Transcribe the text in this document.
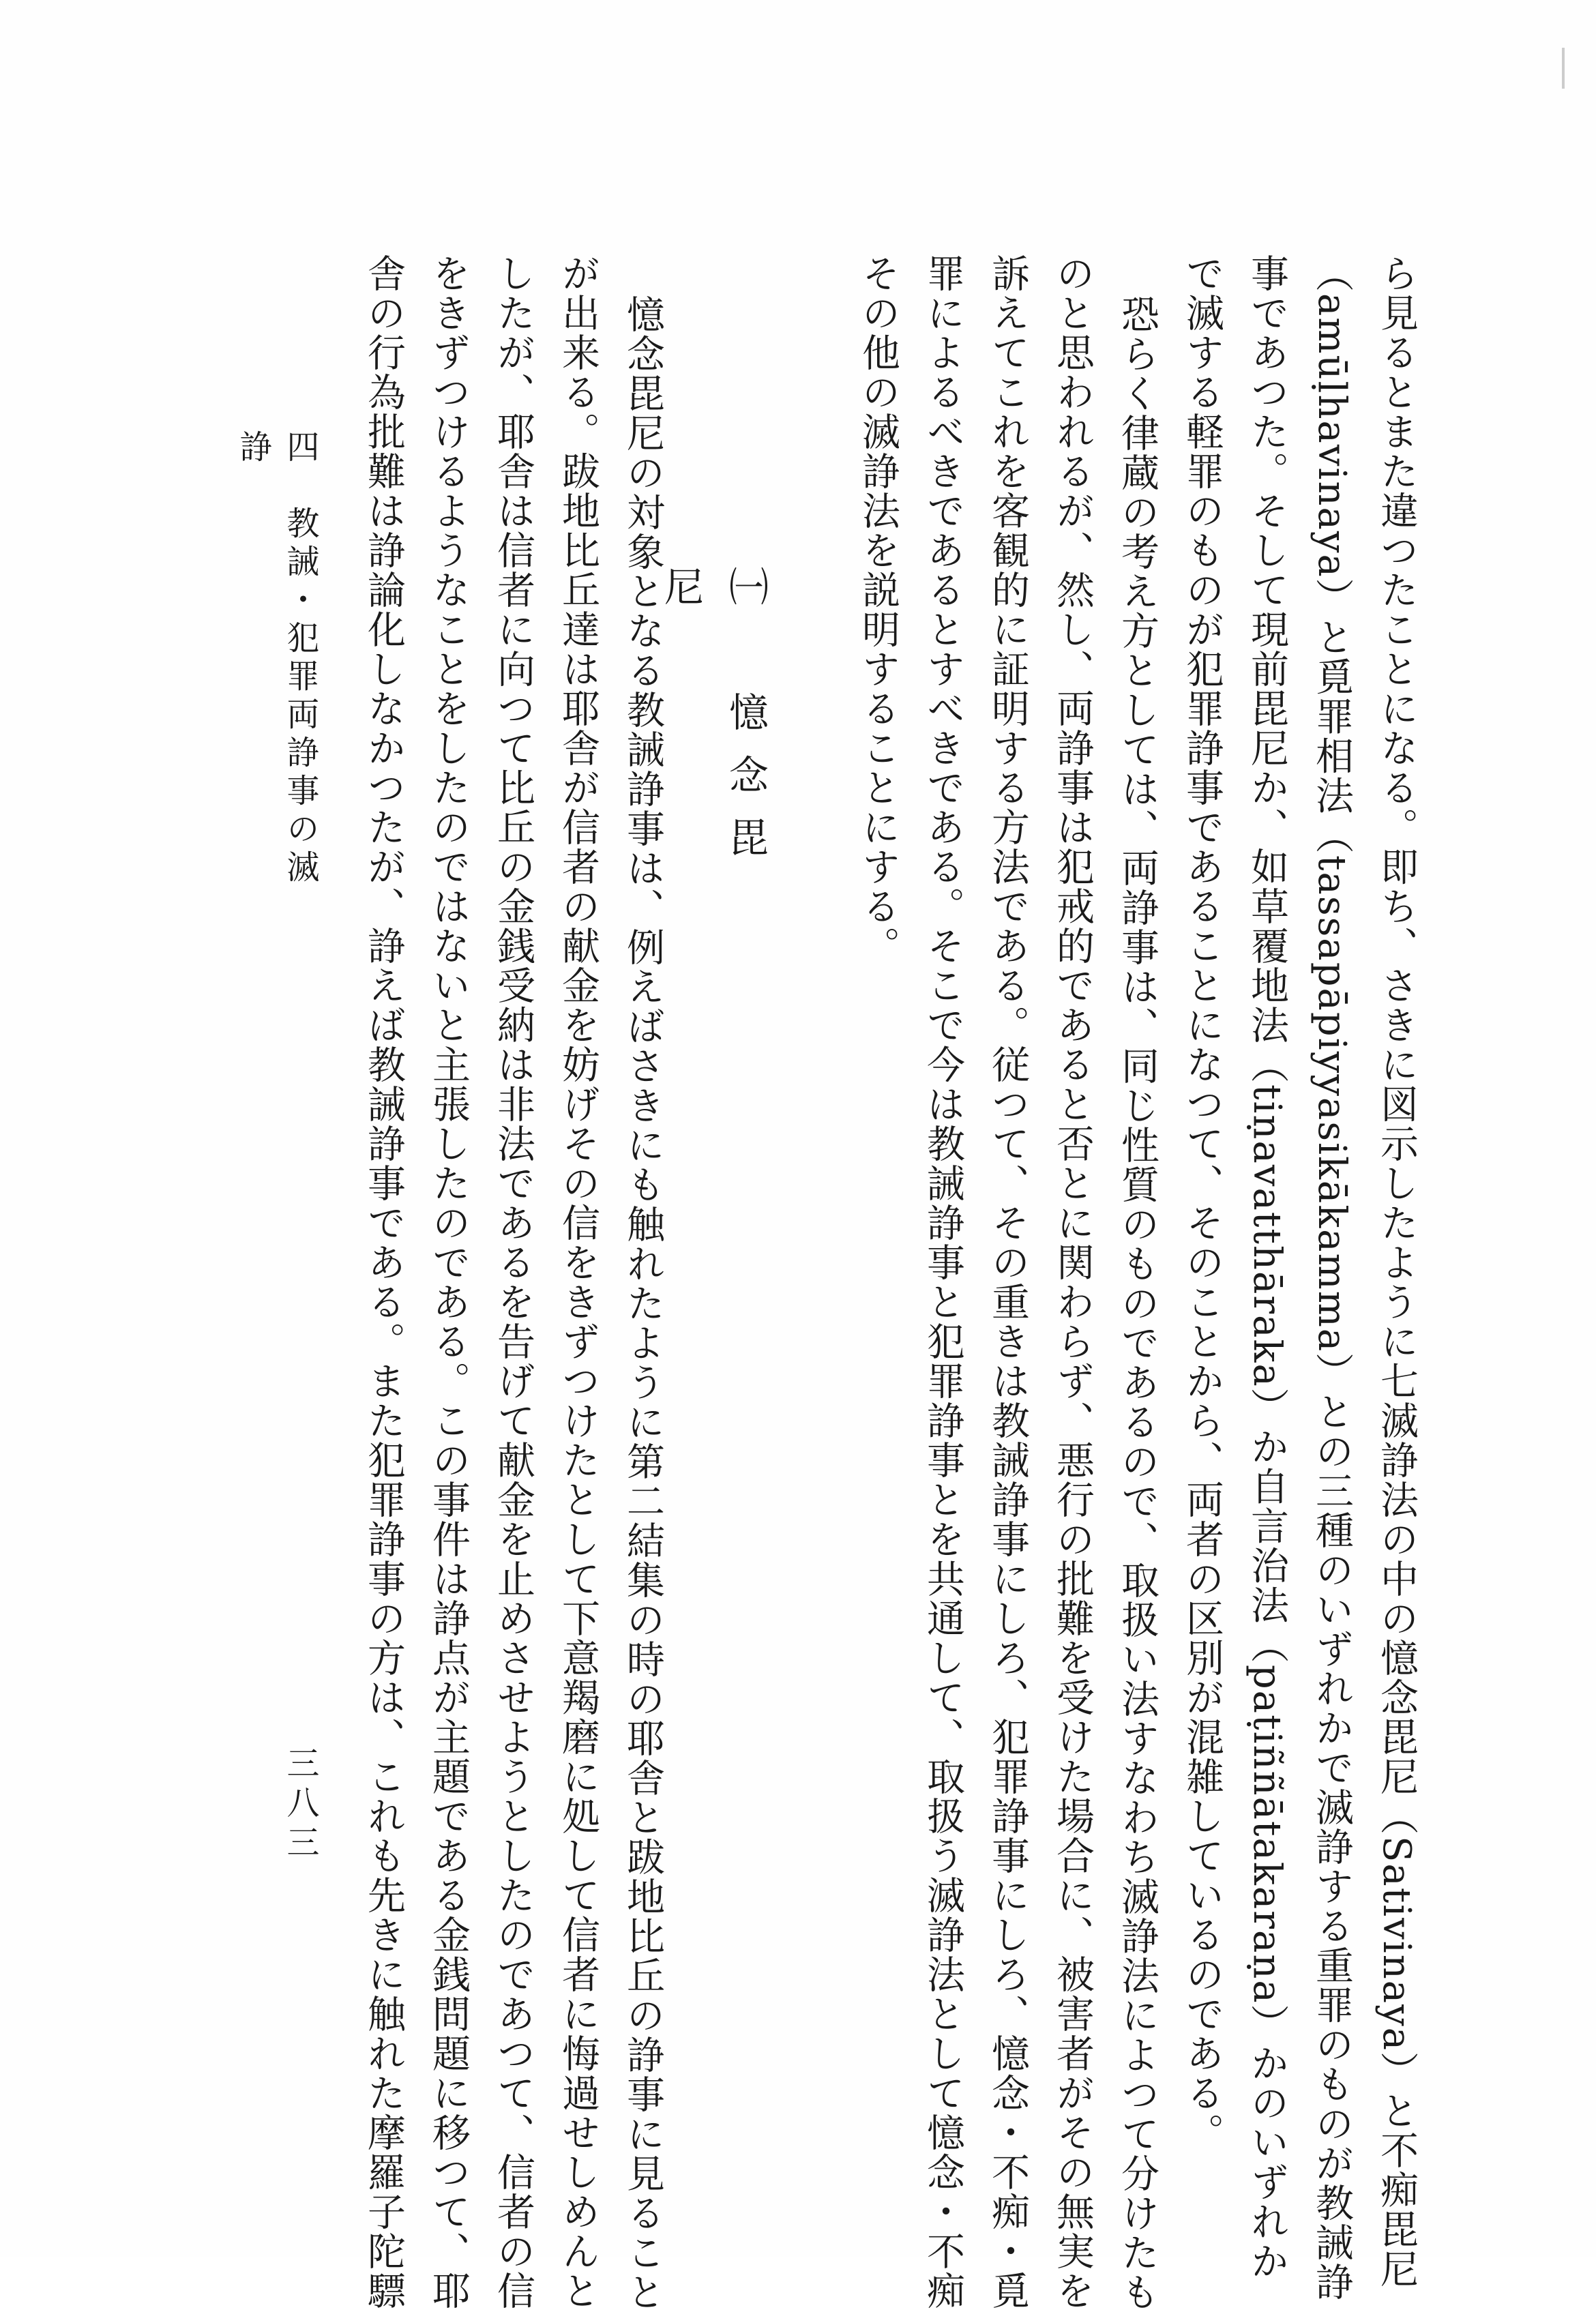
ら見るとまた違つたことになる。即ち、さきに図示したように七滅諍法の中の憶念毘尼（Sativinaya）と不痴毘尼
（amūḷhavinaya）と覓罪相法（tassapāpiyyasikākamma）との三種のいずれかで滅諍する重罪のものが教誡諍
事であつた。そして現前毘尼か、如草覆地法（tiṇavatthāraka）か自言治法（paṭiññātakaraṇa）かのいずれか
で滅する軽罪のものが犯罪諍事であることになつて、そのことから、両者の区別が混雑しているのである。
恐らく律蔵の考え方としては、両諍事は、同じ性質のものであるので、取扱い法すなわち滅諍法によつて分けたも
のと思われるが、然し、両諍事は犯戒的であると否とに関わらず、悪行の批難を受けた場合に、被害者がその無実を
訴えてこれを客観的に証明する方法である。従つて、その重きは教誡諍事にしろ、犯罪諍事にしろ、憶念・不痴・覓
罪によるべきであるとすべきである。そこで今は教誡諍事と犯罪諍事とを共通して、取扱う滅諍法として憶念・不痴
その他の滅諍法を説明することにする。
㈠　憶念毘尼
憶念毘尼の対象となる教誡諍事は、例えばさきにも触れたように第二結集の時の耶舎と跋地比丘の諍事に見ること
が出来る。跋地比丘達は耶舎が信者の献金を妨げその信をきずつけたとして下意羯磨に処して信者に悔過せしめんと
したが、耶舎は信者に向つて比丘の金銭受納は非法であるを告げて献金を止めさせようとしたのであつて、信者の信
をきずつけるようなことをしたのではないと主張したのである。この事件は諍点が主題である金銭問題に移つて、耶
舎の行為批難は諍論化しなかつたが、諍えば教誡諍事である。また犯罪諍事の方は、これも先きに触れた摩羅子陀驃
四　教誡・犯罪両諍事の滅諍
三八三
